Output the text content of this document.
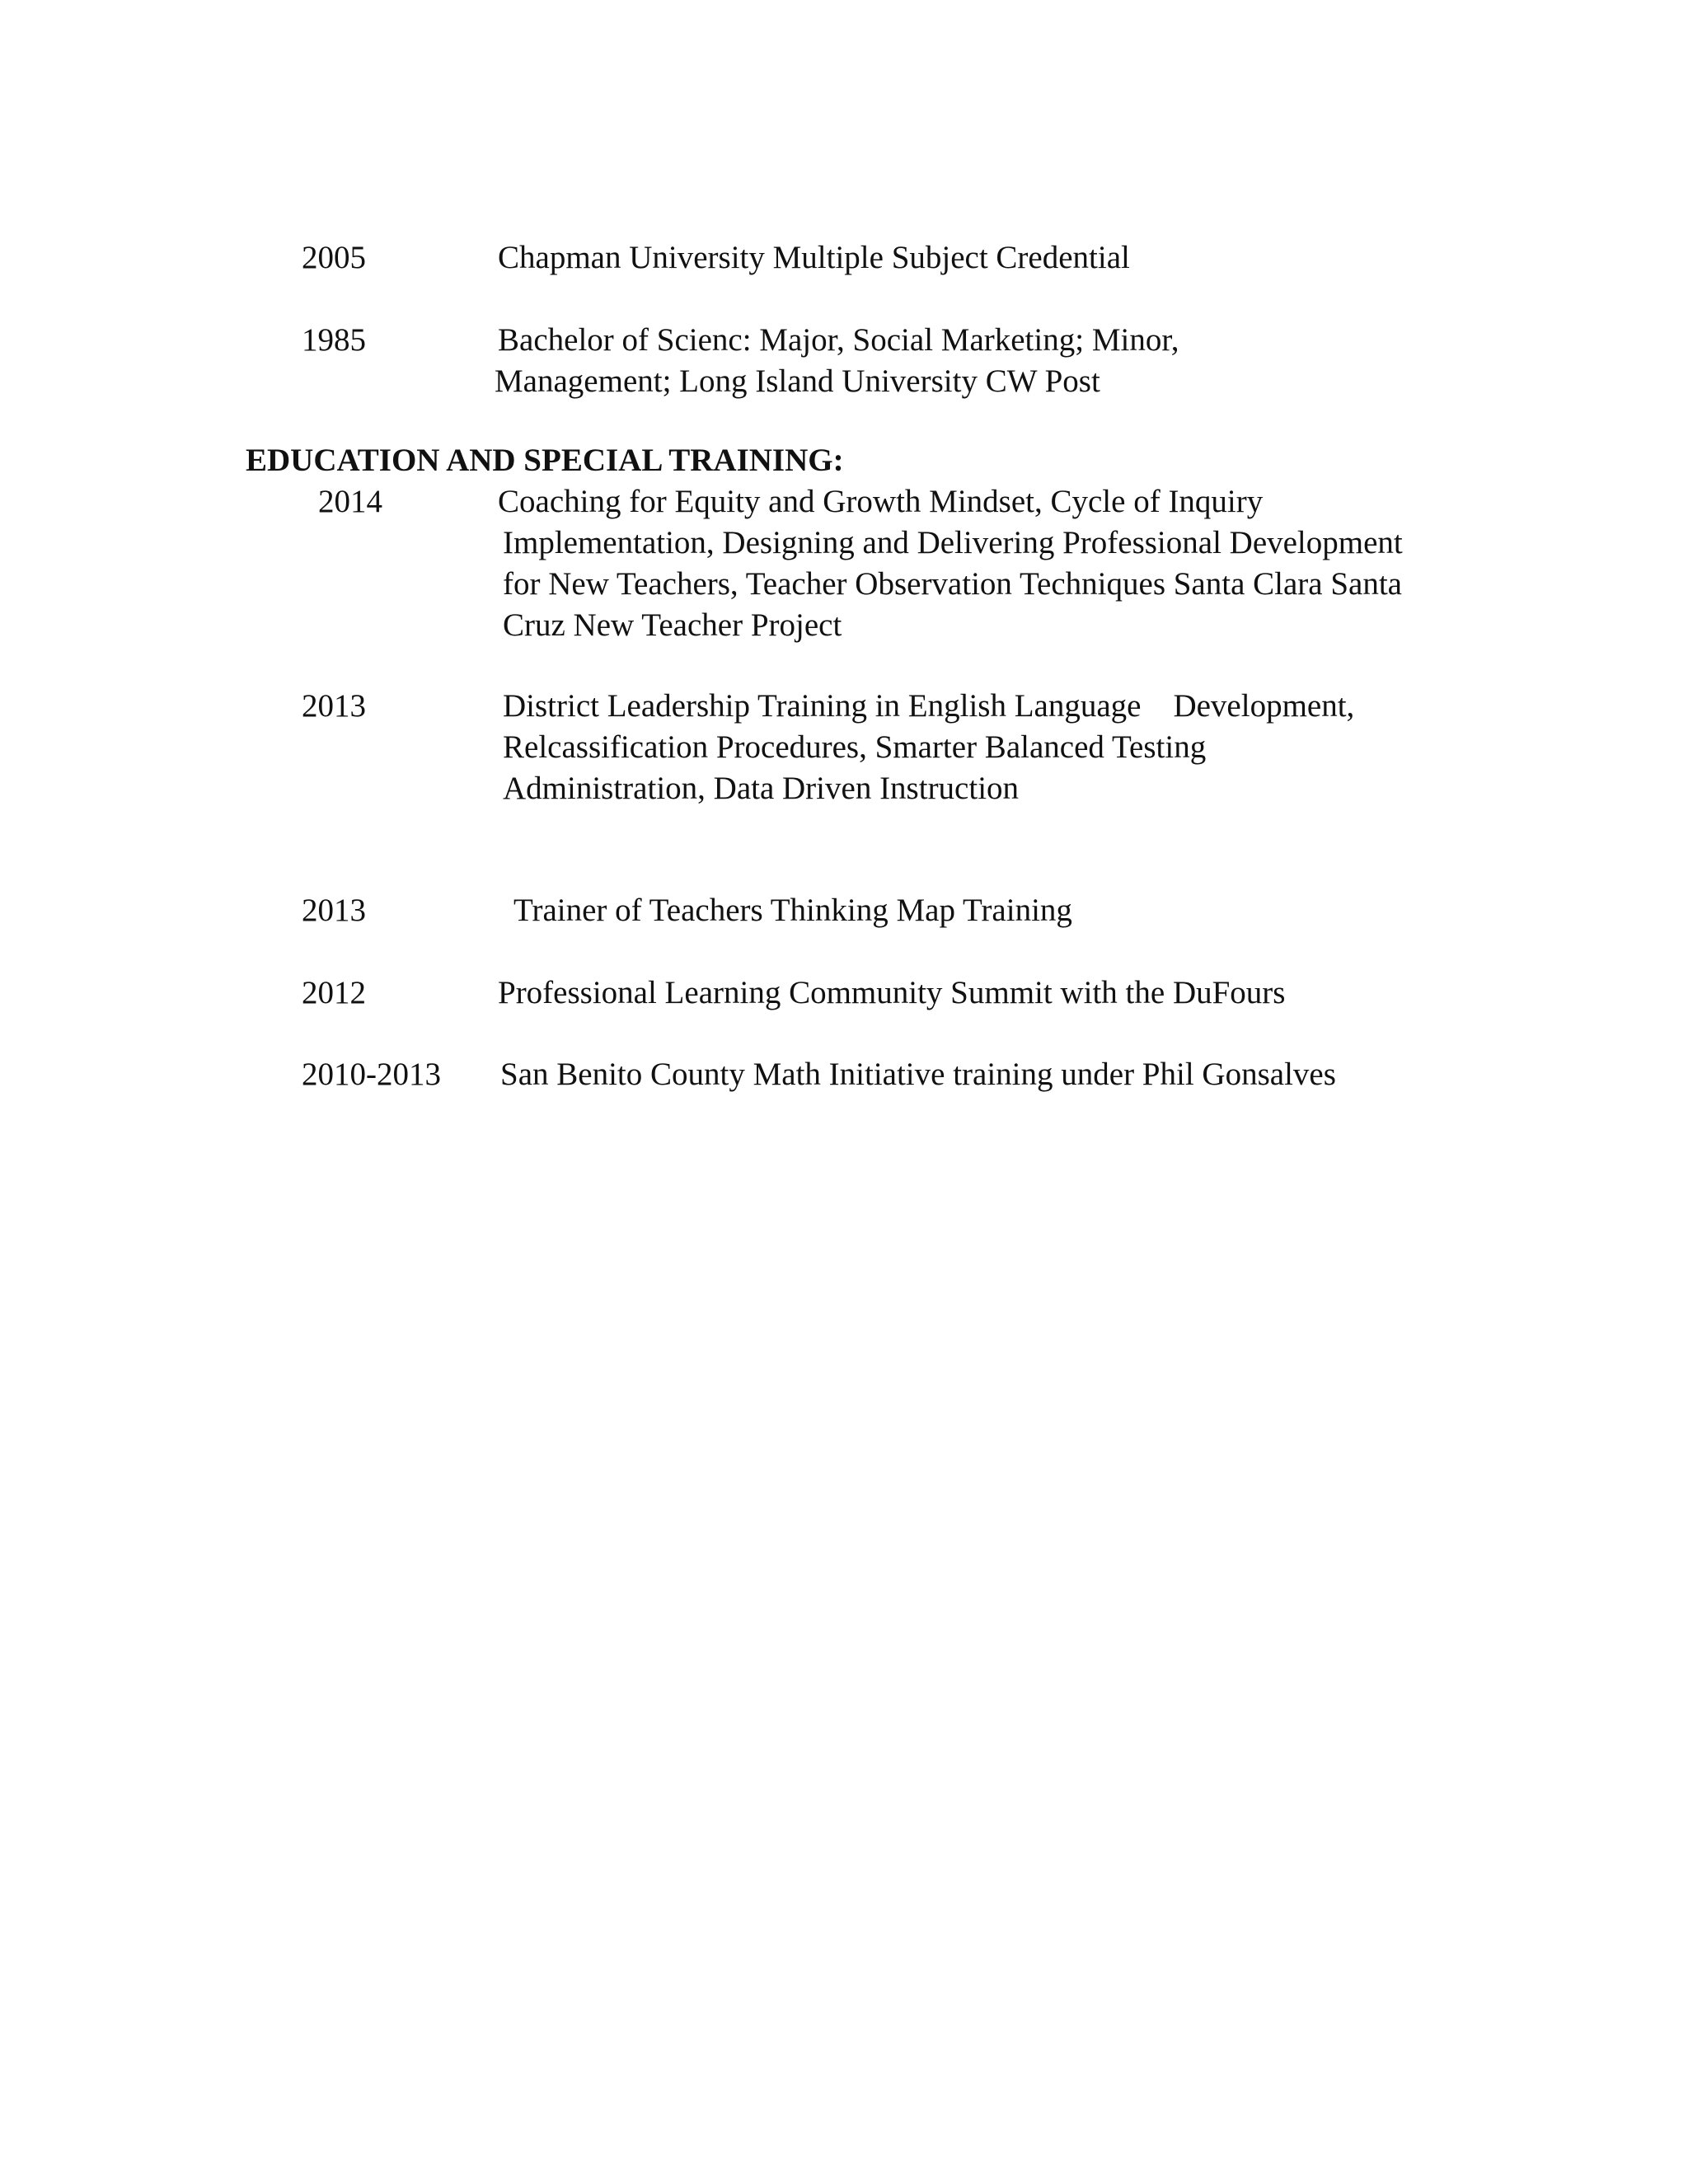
2005	Chapman University Multiple Subject Credential
1985	Bachelor of Scienc: Major, Social Marketing; Minor,
Management; Long Island University CW Post
EDUCATION AND SPECIAL TRAINING:
2014	Coaching for Equity and Growth Mindset, Cycle of Inquiry
Implementation, Designing and Delivering Professional Development
for New Teachers, Teacher Observation Techniques Santa Clara Santa
Cruz New Teacher Project
2013	District Leadership Training in English Language    Development,
Relcassification Procedures, Smarter Balanced Testing
Administration, Data Driven Instruction
2013	Trainer of Teachers Thinking Map Training
2012	Professional Learning Community Summit with the DuFours
2010-2013 San Benito County Math Initiative training under Phil Gonsalves
